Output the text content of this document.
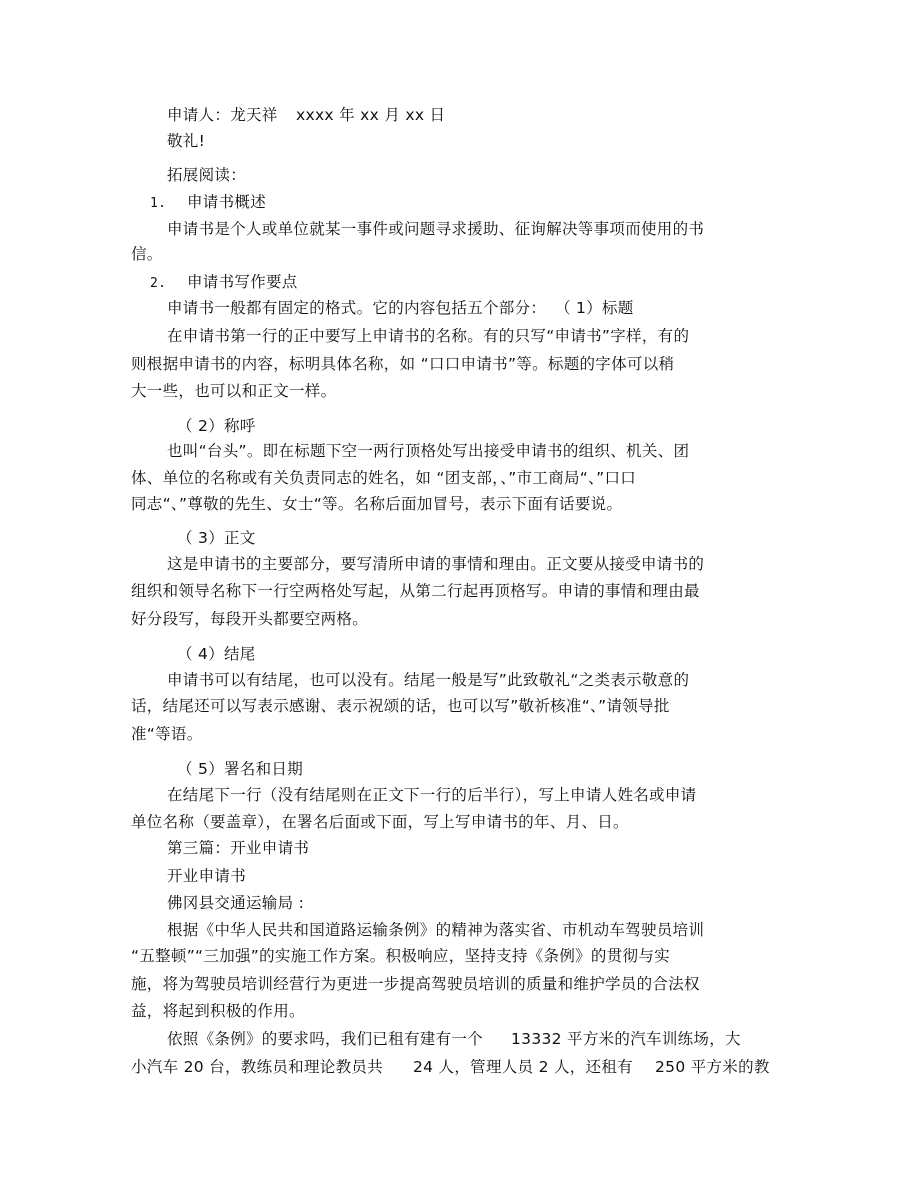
申请人：龙天祥 xxxx 年 xx 月 xx 日
敬礼!
拓展阅读：
1. 申请书概述
申请书是个人或单位就某一事件或问题寻求援助、征询解决等事项而使用的书
信。
2. 申请书写作要点
申请书一般都有固定的格式。它的内容包括五个部分： （ 1）标题
在申请书第一行的正中要写上申请书的名称。有的只写“申请书”字样，有的
则根据申请书的内容，标明具体名称，如 “口口申请书”等。标题的字体可以稍
大一些，也可以和正文一样。
（ 2）称呼
也叫“台头”。即在标题下空一两行顶格处写出接受申请书的组织、机关、团
体、单位的名称或有关负责同志的姓名，如 “团支部，、”市工商局“、”口口
同志“、”尊敬的先生、女士“等。名称后面加冒号，表示下面有话要说。
（ 3）正文
这是申请书的主要部分，要写清所申请的事情和理由。正文要从接受申请书的
组织和领导名称下一行空两格处写起，从第二行起再顶格写。申请的事情和理由最
好分段写，每段开头都要空两格。
（ 4）结尾
申请书可以有结尾，也可以没有。结尾一般是写”此致敬礼“之类表示敬意的
话，结尾还可以写表示感谢、表示祝颂的话，也可以写”敬祈核准“、”请领导批
准“等语。
（ 5）署名和日期
在结尾下一行（没有结尾则在正文下一行的后半行），写上申请人姓名或申请
单位名称（要盖章），在署名后面或下面，写上写申请书的年、月、日。
第三篇：开业申请书
开业申请书
佛冈县交通运输局 :
根据《中华人民共和国道路运输条例》的精神为落实省、市机动车驾驶员培训
“五整顿”“三加强”的实施工作方案。积极响应，坚持支持《条例》的贯彻与实
施，将为驾驶员培训经营行为更进一步提高驾驶员培训的质量和维护学员的合法权
益，将起到积极的作用。
依照《条例》的要求吗，我们已租有建有一个 13332 平方米的汽车训练场，大
小汽车 20 台，教练员和理论教员共 24 人，管理人员 2 人，还租有 250 平方米的教
